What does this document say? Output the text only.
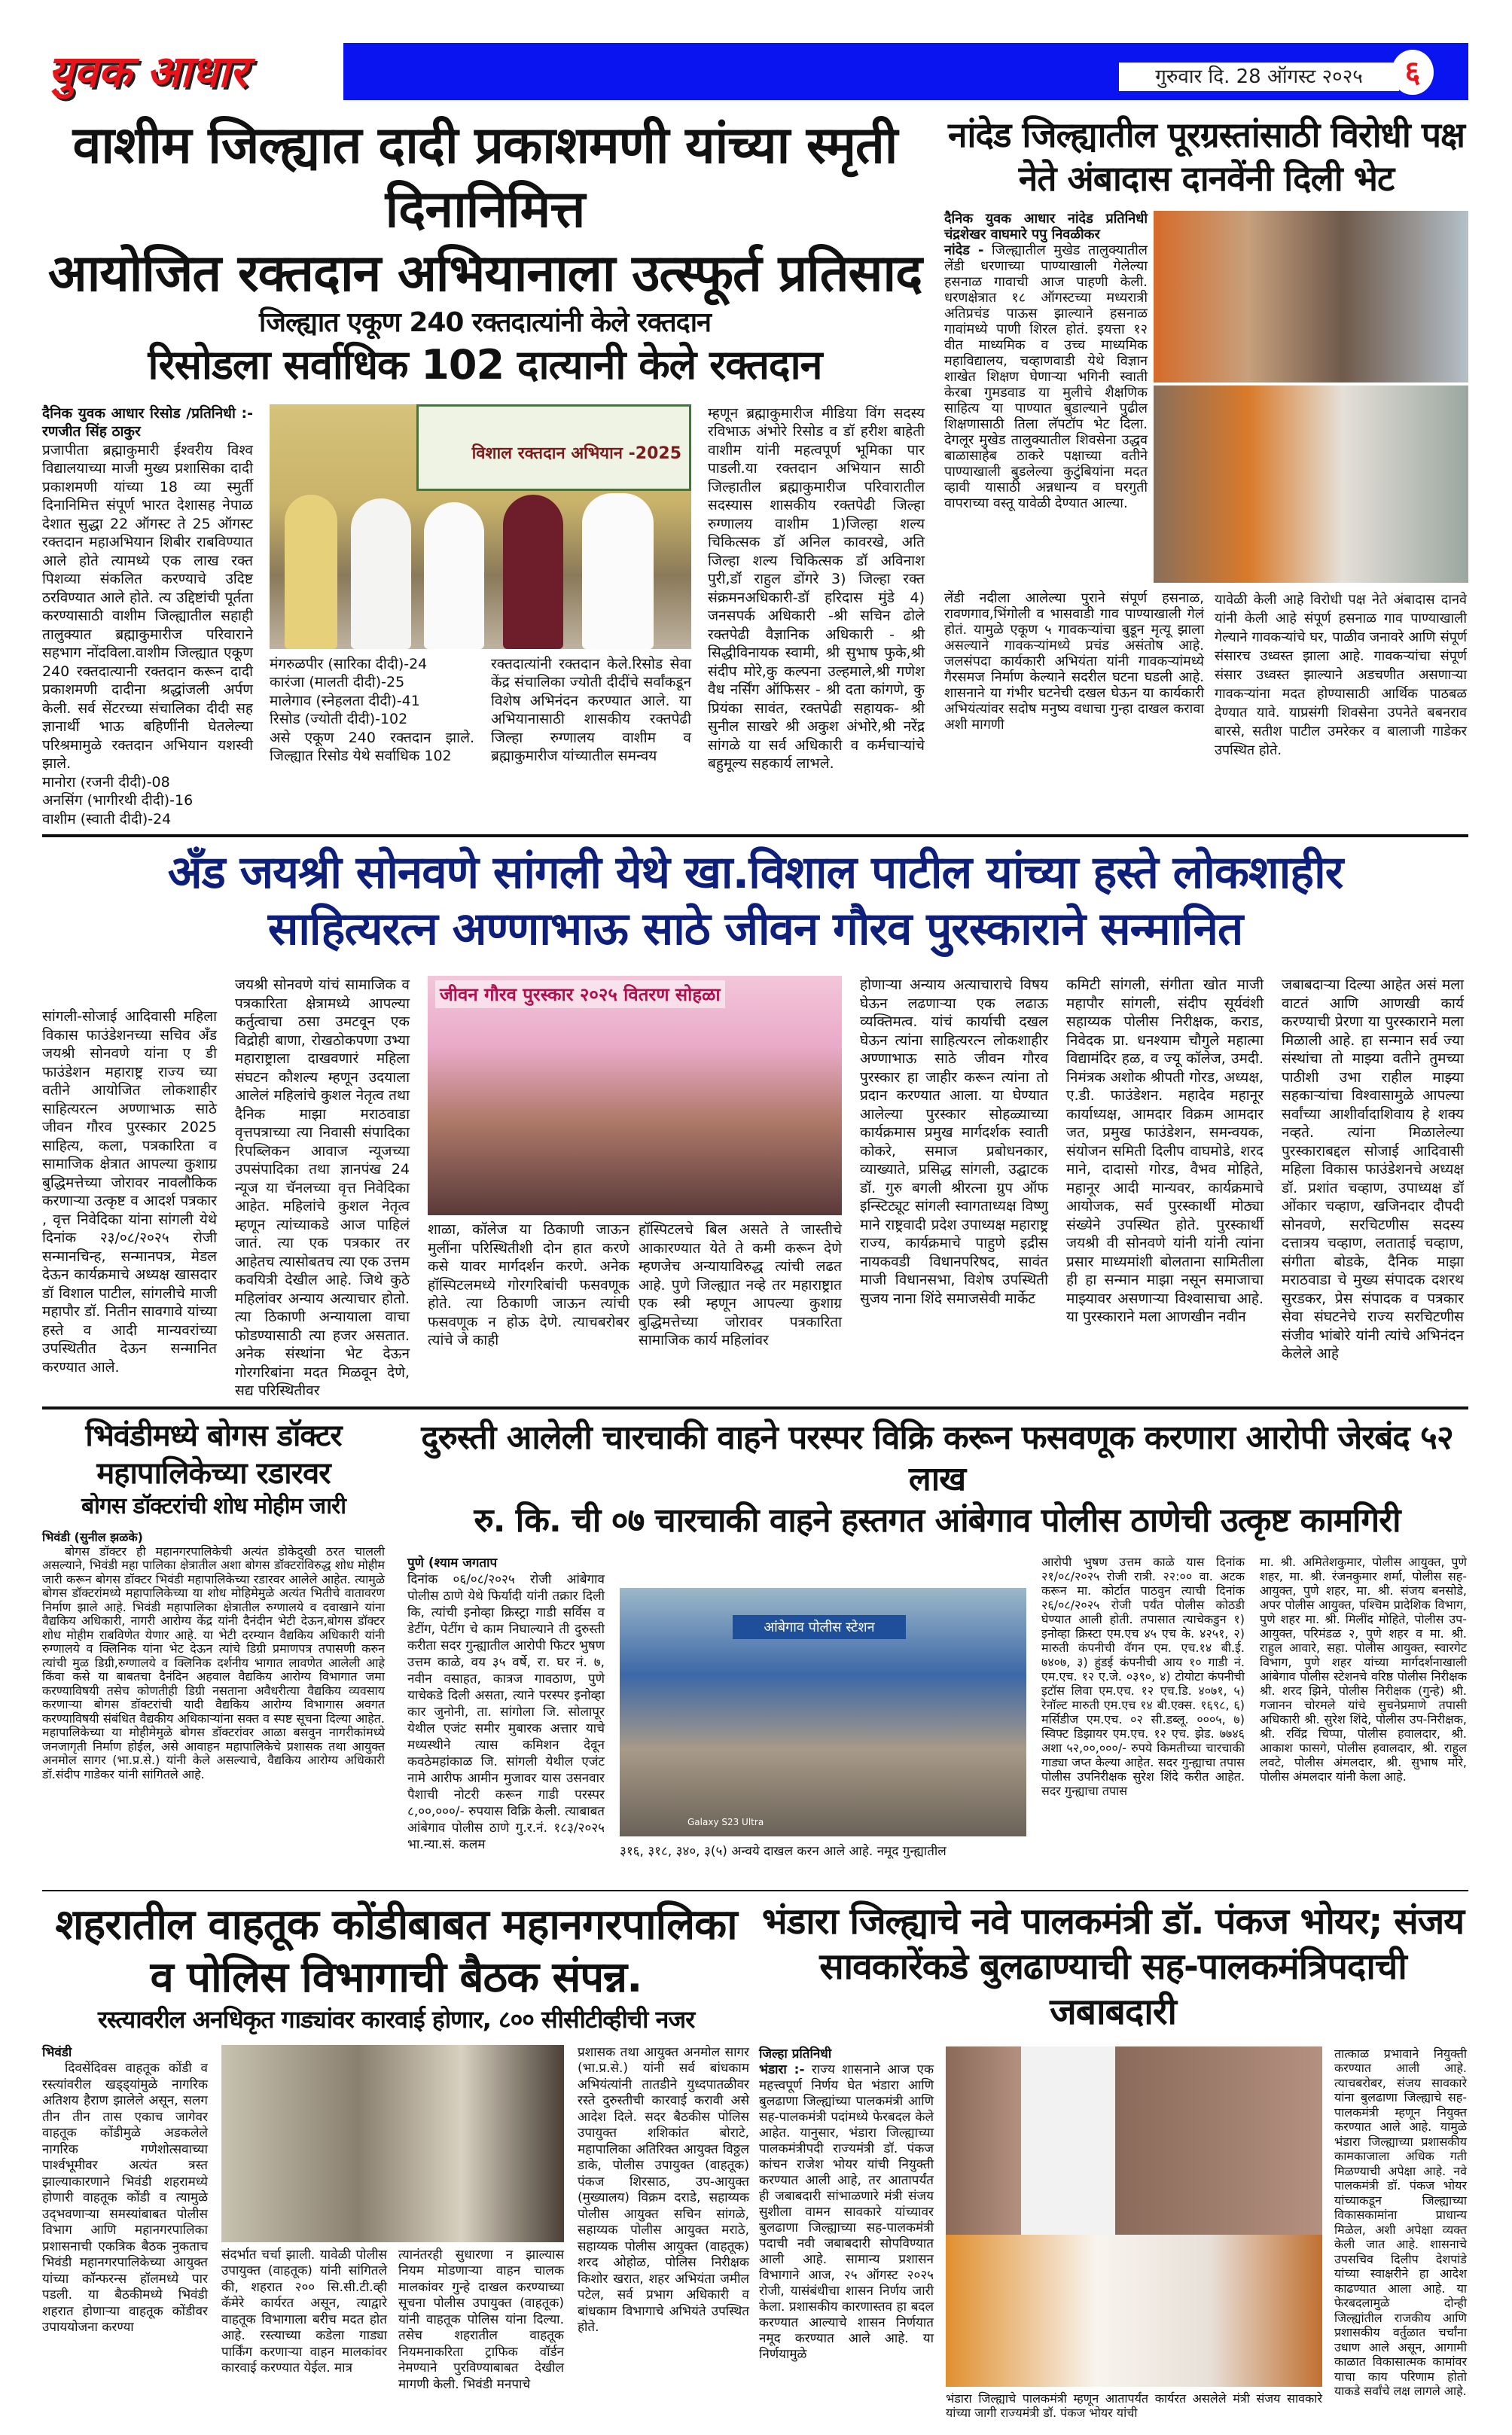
युवक आधार	गुरुवार दि. 28 ऑगस्ट २०२५	६
वाशीम जिल्ह्यात दादी प्रकाशमणी यांच्या स्मृती दिनानिमित्त
आयोजित रक्तदान अभियानाला उत्स्फूर्त प्रतिसाद
जिल्ह्यात एकूण 240 रक्तदात्यांनी केले रक्तदान
रिसोडला सर्वाधिक 102 दात्यानी केले रक्तदान
दैनिक युवक आधार रिसोड /प्रतिनिधी :- रणजीत सिंह ठाकुर
प्रजापीता ब्रह्माकुमारी ईश्वरीय विश्व विद्यालयाच्या माजी मुख्य प्रशासिका दादी प्रकाशमणी यांच्या 18 व्या स्मुर्ती दिनानिमित्त संपूर्ण भारत देशासह नेपाळ देशात सुद्धा 22 ऑगस्ट ते 25 ऑगस्ट रक्तदान महाअभियान शिबीर राबविण्यात आले होते त्यामध्ये एक लाख रक्त पिशव्या संकलित करण्याचे उदिष्ट ठरविण्यात आले होते. त्य उद्दिष्टांची पूर्तता करण्यासाठी वाशीम जिल्ह्यातील सहाही तालुक्यात ब्रह्माकुमारीज परिवाराने सहभाग नोंदविला.वाशीम जिल्ह्यात एकूण 240 रक्तदात्यानी रक्तदान करून दादी प्रकाशमणी दादीना श्रद्धांजली अर्पण केली. सर्व सेंटरच्या संचालिका दीदी सह ज्ञानार्थी भाऊ बहिणींनी घेतलेल्या परिश्रमामुळे रक्तदान अभियान यशस्वी झाले.
मानोरा (रजनी दीदी)-08
अनसिंग (भागीरथी दीदी)-16
वाशीम (स्वाती दीदी)-24
विशाल रक्तदान अभियान -2025
मंगरुळपीर (सारिका दीदी)-24
कारंजा (मालती दीदी)-25
मालेगाव (स्नेहलता दीदी)-41
रिसोड (ज्योती दीदी)-102
असे एकूण 240 रक्तदान झाले. जिल्ह्यात रिसोड येथे सर्वाधिक 102
रक्तदात्यांनी रक्तदान केले.रिसोड सेवा केंद्र संचालिका ज्योती दीदींचे सर्वांकडून विशेष अभिनंदन करण्यात आले. या अभियानासाठी शासकीय रक्तपेढी जिल्हा रुग्णालय वाशीम व ब्रह्माकुमारीज यांच्यातील समन्वय
म्हणून ब्रह्माकुमारीज मीडिया विंग सदस्य रविभाऊ अंभोरे रिसोड व डॉ हरीश बाहेती वाशीम यांनी महत्वपूर्ण भूमिका पार पाडली.या रक्तदान अभियान साठी जिल्हातील ब्रह्माकुमारीज परिवारातील सदस्यास शासकीय रक्तपेढी जिल्हा रुग्णालय वाशीम 1)जिल्हा शल्य चिकित्सक डॉ अनिल कावरखे, अति जिल्हा शल्य चिकित्सक डॉ अविनाश पुरी,डॉ राहुल डोंगरे 3) जिल्हा रक्त संक्रमनअधिकारी-डॉ हरिदास मुंडे 4) जनसपर्क अधिकारी -श्री सचिन ढोले रक्तपेढी वैज्ञानिक अधिकारी - श्री सिद्धीविनायक स्वामी, श्री सुभाष फुके,श्री संदीप मोरे,कु कल्पना उल्हमाले,श्री गणेश वैध नर्सिंग ऑफिसर - श्री दता कांगणे, कु प्रियंका सावंत, रक्तपेढी सहायक- श्री सुनील साखरे श्री अकुश अंभोरे,श्री नरेंद्र सांगळे या सर्व अधिकारी व कर्मचाऱ्यांचे बहुमूल्य सहकार्य लाभले.
नांदेड जिल्ह्यातील पूरग्रस्तांसाठी विरोधी पक्ष
नेते अंबादास दानवेंनी दिली भेट
दैनिक युवक आधार नांदेड प्रतिनिधी चंद्रशेखर वाघमारे पपु निवळीकर
नांदेड - जिल्ह्यातील मुखेड तालुक्यातील लेंडी धरणाच्या पाण्याखाली गेलेल्या हसनाळ गावाची आज पाहणी केली. धरणक्षेत्रात १८ ऑगस्टच्या मध्यरात्री अतिप्रचंड पाऊस झाल्याने हसनाळ गावांमध्ये पाणी शिरल होतं. इयत्ता १२ वीत माध्यमिक व उच्च माध्यमिक महाविद्यालय, चव्हाणवाडी येथे विज्ञान शाखेत शिक्षण घेणाऱ्या भगिनी स्वाती केरबा गुमडवाड या मुलीचे शैक्षणिक साहित्य या पाण्यात बुडाल्याने पुढील शिक्षणासाठी तिला लॅपटॉप भेट दिला. देगलूर मुखेड तालुक्यातील शिवसेना उद्धव बाळासाहेब ठाकरे पक्षाच्या वतीने पाण्याखाली बुडलेल्या कुटुंबियांना मदत व्हावी यासाठी अन्नधान्य व घरगुती वापराच्या वस्तू यावेळी देण्यात आल्या.
लेंडी नदीला आलेल्या पुराने संपूर्ण हसनाळ, रावणगाव,भिंगोली व भासवाडी गाव पाण्याखाली गेलं होतं. यामुळे एकूण ५ गावकऱ्यांचा बुडून मृत्यू झाला असल्याने गावकऱ्यांमध्ये प्रचंड असंतोष आहे. जलसंपदा कार्यकारी अभियंता यांनी गावकऱ्यांमध्ये गैरसमज निर्माण केल्याने सदरील घटना घडली आहे. शासनाने या गंभीर घटनेची दखल घेऊन या कार्यकारी अभियंत्यांवर सदोष मनुष्य वधाचा गुन्हा दाखल करावा अशी मागणी
यावेळी केली आहे विरोधी पक्ष नेते अंबादास दानवे यांनी केली आहे संपूर्ण हसनाळ गाव पाण्याखाली गेल्याने गावकऱ्यांचे घर, पाळीव जनावरे आणि संपूर्ण संसारच उध्वस्त झाला आहे. गावकऱ्यांचा संपूर्ण संसार उध्वस्त झाल्याने अडचणीत असणाऱ्या गावकऱ्यांना मदत होण्यासाठी आर्थिक पाठबळ देण्यात यावे. याप्रसंगी शिवसेना उपनेते बबनराव बारसे, सतीश पाटील उमरेकर व बालाजी गाडेकर उपस्थित होते.
अँड जयश्री सोनवणे सांगली येथे खा.विशाल पाटील यांच्या हस्ते लोकशाहीर
साहित्यरत्न अण्णाभाऊ साठे जीवन गौरव पुरस्काराने सन्मानित
सांगली-सोजाई आदिवासी महिला विकास फाउंडेशनच्या सचिव अँड जयश्री सोनवणे यांना ए डी फाउंडेशन महाराष्ट्र राज्य च्या वतीने आयोजित लोकशाहीर साहित्यरत्न अण्णाभाऊ साठे जीवन गौरव पुरस्कार 2025 साहित्य, कला, पत्रकारिता व सामाजिक क्षेत्रात आपल्या कुशाग्र बुद्धिमत्तेच्या जोरावर नावलौकिक करणाऱ्या उत्कृष्ट व आदर्श पत्रकार , वृत्त निवेदिका यांना सांगली येथे दिनांक २३/०८/२०२५ रोजी सन्मानचिन्ह, सन्मानपत्र, मेडल देऊन कार्यक्रमाचे अध्यक्ष खासदार डॉ विशाल पाटील, सांगलीचे माजी महापौर डॉ. नितीन सावगावे यांच्या हस्ते व आदी मान्यवरांच्या उपस्थितीत देऊन सन्मानित करण्यात आले.
जयश्री सोनवणे यांचं सामाजिक व पत्रकारिता क्षेत्रामध्ये आपल्या कर्तुत्वाचा ठसा उमटवून एक विद्रोही बाणा, रोखठोकपणा उभ्या महाराष्ट्राला दाखवणारं महिला संघटन कौशल्य म्हणून उदयाला आलेलं महिलांचे कुशल नेतृत्व तथा दैनिक माझा मराठवाडा वृत्तपत्राच्या त्या निवासी संपादिका रिपब्लिकन आवाज न्यूजच्या उपसंपादिका तथा ज्ञानपंख 24 न्यूज या चॅनलच्या वृत्त निवेदिका आहेत. महिलांचे कुशल नेतृत्व म्हणून त्यांच्याकडे आज पाहिलं जातं. त्या एक पत्रकार तर आहेतच त्यासोबतच त्या एक उत्तम कवयित्री देखील आहे. जिथे कुठे महिलांवर अन्याय अत्याचार होतो. त्या ठिकाणी अन्यायाला वाचा फोडण्यासाठी त्या हजर असतात. अनेक संस्थांना भेट देऊन गोरगरिबांना मदत मिळवून देणे, सद्य परिस्थितीवर
जीवन गौरव पुरस्कार २०२५ वितरण सोहळा
शाळा, कॉलेज या ठिकाणी जाऊन मुलींना परिस्थितीशी दोन हात करणे कसे यावर मार्गदर्शन करणे. अनेक हॉस्पिटलमध्ये गोरगरिबांची फसवणूक होते. त्या ठिकाणी जाऊन त्यांची फसवणूक न होऊ देणे. त्याचबरोबर त्यांचे जे काही
हॉस्पिटलचे बिल असते ते जास्तीचे आकारण्यात येते ते कमी करून देणे म्हणजेच अन्यायाविरुद्ध त्यांची लढत आहे. पुणे जिल्ह्यात नव्हे तर महाराष्ट्रात एक स्त्री म्हणून आपल्या कुशाग्र बुद्धिमत्तेच्या जोरावर पत्रकारिता सामाजिक कार्य महिलांवर
होणाऱ्या अन्याय अत्याचाराचे विषय घेऊन लढणाऱ्या एक लढाऊ व्यक्तिमत्व. यांचं कार्याची दखल घेऊन त्यांना साहित्यरत्न लोकशाहीर अण्णाभाऊ साठे जीवन गौरव पुरस्कार हा जाहीर करून त्यांना तो प्रदान करण्यात आला. या घेण्यात आलेल्या पुरस्कार सोहळ्याच्या कार्यक्रमास प्रमुख मार्गदर्शक स्वाती कोकरे, समाज प्रबोधनकार, व्याख्याते, प्रसिद्ध सांगली, उद्घाटक डॉ. गुरु बगली श्रीरत्ना ग्रुप ऑफ इन्स्टिट्यूट सांगली स्वागताध्यक्ष विष्णु माने राष्ट्रवादी प्रदेश उपाध्यक्ष महाराष्ट्र राज्य, कार्यक्रमाचे पाहुणे इद्रीस नायकवडी विधानपरिषद, सावंत माजी विधानसभा, विशेष उपस्थिती सुजय नाना शिंदे समाजसेवी मार्केट
कमिटी सांगली, संगीता खोत माजी महापौर सांगली, संदीप सूर्यवंशी सहाय्यक पोलीस निरीक्षक, कराड, निवेदक प्रा. धनश्याम चौगुले महात्मा विद्यामंदिर हळ, व ज्यू कॉलेज, उमदी. निमंत्रक अशोक श्रीपती गोरड, अध्यक्ष, ए.डी. फाउंडेशन. महादेव महानूर कार्याध्यक्ष, आमदार विक्रम आमदार जत, प्रमुख फाउंडेशन, समन्वयक, संयोजन समिती दिलीप वाघमोडे, शरद माने, दादासो गोरड, वैभव मोहिते, महानूर आदी मान्यवर, कार्यक्रमाचे आयोजक, सर्व पुरस्कार्थी मोठ्या संख्येने उपस्थित होते. पुरस्कार्थी जयश्री वी सोनवणे यांनी यांनी त्यांना प्रसार माध्यमांशी बोलताना सामितीला ही हा सन्मान माझा नसून समाजाचा माझ्यावर असणाऱ्या विश्वासाचा आहे. या पुरस्काराने मला आणखीन नवीन
जबाबदाऱ्या दिल्या आहेत असं मला वाटतं आणि आणखी कार्य करण्याची प्रेरणा या पुरस्काराने मला मिळाली आहे. हा सन्मान सर्व ज्या संस्थांचा तो माझ्या वतीने तुमच्या पाठीशी उभा राहील माझ्या सहकाऱ्यांचा विश्वासामुळे आपल्या सर्वांच्या आशीर्वादाशिवाय हे शक्य नव्हते. त्यांना मिळालेल्या पुरस्काराबद्दल सोजाई आदिवासी महिला विकास फाउंडेशनचे अध्यक्ष डॉ. प्रशांत चव्हाण, उपाध्यक्ष डॉ ओंकार चव्हाण, खजिनदार दौपदी सोनवणे, सरचिटणीस सदस्य दत्तात्रय चव्हाण, लताताई चव्हाण, संगीता बोडके, दैनिक माझा मराठवाडा चे मुख्य संपादक दशरथ सुरडकर, प्रेस संपादक व पत्रकार सेवा संघटनेचे राज्य सरचिटणीस संजीव भांबोरे यांनी त्यांचे अभिनंदन केलेले आहे
भिवंडीमध्ये बोगस डॉक्टर
महापालिकेच्या रडारवर
बोगस डॉक्टरांची शोध मोहीम जारी
भिवंडी (सुनील झळके)
बोगस डॉक्टर ही महानगरपालिकेची अत्यंत डोकेदुखी ठरत चालली असल्याने, भिवंडी महा पालिका क्षेत्रातील अशा बोगस डॉक्टरांविरुद्ध शोध मोहीम जारी करून बोगस डॉक्टर भिवंडी महापालिकेच्या रडारवर आलेले आहेत. त्यामुळे बोगस डॉक्टरांमध्ये महापालिकेच्या या शोध मोहिमेमुळे अत्यंत भितीचे वातावरण निर्माण झाले आहे. भिवंडी महापालिका क्षेत्रातील रुग्णालये व दवाखाने यांना वैद्यकिय अधिकारी, नागरी आरोग्य केंद्र यांनी दैनंदीन भेटी देऊन,बोगस डॉक्टर शोध मोहीम राबविणेत येणार आहे. या भेटी दरम्यान वैद्यकिय अधिकारी यांनी रुग्णालये व क्लिनिक यांना भेट देऊन त्यांचे डिग्री प्रमाणपत्र तपासणी करुन त्यांची मुळ डिग्री,रुग्णालये व क्लिनिक दर्शनीय भागात लावणेत आलेली आहे किंवा कसे या बाबतचा दैनंदिन अहवाल वैद्यकिय आरोग्य विभागात जमा करण्याविषयी तसेच कोणतीही डिग्री नसताना अवैधरीत्या वैद्यकिय व्यवसाय करणाऱ्या बोगस डॉक्टरांची यादी वैद्यकिय आरोग्य विभागास अवगत करण्याविषयी संबंधित वैद्यकीय अधिकाऱ्यांना सक्त व स्पष्ट सूचना दिल्या आहेत. महापालिकेच्या या मोहीमेमुळे बोगस डॉक्टरांवर आळा बसवुन नागरीकांमध्ये जनजागृती निर्माण होईल, असे आवाहन महापालिकेचे प्रशासक तथा आयुक्त अनमोल सागर (भा.प्र.से.) यांनी केले असल्याचे, वैद्यकिय आरोग्य अधिकारी डॉ.संदीप गाडेकर यांनी सांगितले आहे.
दुरुस्ती आलेली चारचाकी वाहने परस्पर विक्रि करून फसवणूक करणारा आरोपी जेरबंद ५२ लाख
रु. कि. ची ०७ चारचाकी वाहने हस्तगत आंबेगाव पोलीस ठाणेची उत्कृष्ट कामगिरी
पुणे (श्याम जगताप
दिनांक ०६/०८/२०२५ रोजी आंबेगाव पोलीस ठाणे येथे फिर्यादी यांनी तक्रार दिली कि, त्यांची इनोव्हा क्रिस्ट्रा गाडी सर्विस व डेटींग, पेटींग चे काम निघाल्याने ती दुरुस्ती करीता सदर गुन्ह्यातील आरोपी फिटर भुषण उत्तम काळे, वय ३५ वर्षे, रा. घर नं. ७, नवीन वसाहत, कात्रज गावठाण, पुणे याचेकडे दिली असता, त्याने परस्पर इनोव्हा कार जुनोनी, ता. सांगोला जि. सोलापूर येथील एजंट समीर मुबारक अत्तार याचे मध्यस्थीने त्यास कमिशन देवून कवठेमहांकाळ जि. सांगली येथील एजंट नामे आरीफ आमीन मुजावर यास उसनवार पैशाची नोटरी करून गाडी परस्पर ८,००,०००/- रुपयास विक्रि केली. त्याबाबत आंबेगाव पोलीस ठाणे गु.र.नं. १८३/२०२५ भा.न्या.सं. कलम
आंबेगाव पोलीस स्टेशन
Galaxy S23 Ultra
३१६, ३१८, ३४०, ३(५) अन्वये दाखल करन आले आहे. नमूद गुन्ह्यातील
आरोपी भुषण उत्तम काळे यास दिनांक २१/०८/२०२५ रोजी रात्री. २२:०० वा. अटक करून मा. कोर्टात पाठवुन त्याची दिनांक २६/०८/२०२५ रोजी पर्यंत पोलीस कोठडी घेण्यात आली होती. तपासात त्याचेकडुन १) इनोव्हा क्रिस्टा एम.एच ४५ एच के. ४२५१, २) मारुती कंपनीची वॅगन एम. एच.१४ बी.ई. ७४०७, ३) हुंडई कंपनीची आय १० गाडी नं. एम.एच. १२ ए.जे. ०३९०, ४) टोयोटा कंपनीची इटॉस लिवा एम.एच. १२ एच.डि. ४०७१, ५) रेनॉल्ट मारुती एम.एच १४ बी.एक्स. १६९८, ६) मर्सिडीज एम.एच. ०२ सी.डब्लू. ०००५, ७) स्विफ्ट डिझायर एम.एच. १२ एच. झेड. ७७४६ अशा ५२,००,०००/- रुपये किमतीच्या चारचाकी गाड्या जप्त केल्या आहेत. सदर गुन्ह्याचा तपास पोलीस उपनिरीक्षक सुरेश शिंदे करीत आहेत. सदर गुन्ह्याचा तपास
मा. श्री. अमितेशकुमार, पोलीस आयुक्त, पुणे शहर, मा. श्री. रंजनकुमार शर्मा, पोलीस सह-आयुक्त, पुणे शहर, मा. श्री. संजय बनसोडे, अपर पोलीस आयुक्त, पश्चिम प्रादेशिक विभाग, पुणे शहर मा. श्री. मिलींद मोहिते, पोलीस उप-आयुक्त, परिमंडळ २, पुणे शहर व मा. श्री. राहुल आवारे, सहा. पोलीस आयुक्त, स्वारगेट विभाग, पुणे शहर यांच्या मार्गदर्शनाखाली आंबेगाव पोलीस स्टेशनचे वरिष्ठ पोलीस निरीक्षक श्री. शरद झिने, पोलीस निरीक्षक (गुन्हे) श्री. गजानन चोरमले यांचे सुचनेप्रमाणे तपासी अधिकारी श्री. सुरेश शिंदे, पोलीस उप-निरीक्षक, श्री. रविंद्र चिप्पा, पोलीस हवालदार, श्री. आकाश फासगे, पोलीस हवालदार, श्री. राहुल लवटे, पोलीस अंमलदार, श्री. सुभाष मोरे, पोलीस अंमलदार यांनी केला आहे.
शहरातील वाहतूक कोंडीबाबत महानगरपालिका
व पोलिस विभागाची बैठक संपन्न.
रस्त्यावरील अनधिकृत गाड्यांवर कारवाई होणार, ८०० सीसीटीव्हीची नजर
भिवंडी
दिवसेंदिवस वाहतूक कोंडी व रस्त्यांवरील खड्ड्यांमुळे नागरिक अतिशय हैराण झालेले असून, सलग तीन तीन तास एकाच जागेवर वाहतूक कोंडीमुळे अडकलेले नागरिक गणेशोत्सवाच्या पार्श्वभूमीवर अत्यंत त्रस्त झाल्याकारणाने भिवंडी शहरामध्ये होणारी वाहतूक कोंडी व त्यामुळे उद्‌भवणाऱ्या समस्यांबाबत पोलीस विभाग आणि महानगरपालिका प्रशासनाची एकत्रिक बैठक नुकताच भिवंडी महानगरपालिकेच्या आयुक्त यांच्या कॉन्फरन्स हॉलमध्ये पार पडली. या बैठकीमध्ये भिवंडी शहरात होणाऱ्या वाहतूक कोंडीवर उपाययोजना करण्या
संदर्भात चर्चा झाली. यावेळी पोलीस उपायुक्त (वाहतूक) यांनी सांगितले की, शहरात २०० सि.सी.टी.व्ही कॅमेरे कार्यरत असून, त्याद्वारे वाहतूक विभागाला बरीच मदत होत आहे. रस्त्याच्या कडेला गाड्या पार्किंग करणाऱ्या वाहन मालकांवर कारवाई करण्यात येईल. मात्र
त्यानंतरही सुधारणा न झाल्यास नियम मोडणाऱ्या वाहन चालक मालकांवर गुन्हे दाखल करण्याच्या सूचना पोलीस उपायुक्त (वाहतूक) यांनी वाहतूक पोलिस यांना दिल्या. तसेच शहरातील वाहतूक नियमनाकरिता ट्राफिक वॉर्डन नेमण्याने पुरविण्याबाबत देखील मागणी केली. भिवंडी मनपाचे
प्रशासक तथा आयुक्त अनमोल सागर (भा.प्र.से.) यांनी सर्व बांधकाम अभियंत्यांनी तातडीने युध्दपातळीवर रस्ते दुरुस्तीची कारवाई करावी असे आदेश दिले. सदर बैठकीस पोलिस उपायुक्त शशिकांत बोराटे, महापालिका अतिरिक्त आयुक्त विठ्ठल डाके, पोलीस उपायुक्त (वाहतूक) पंकज शिरसाठ, उप-आयुक्त (मुख्यालय) विक्रम दराडे, सहाय्यक पोलीस आयुक्त सचिन सांगळे, सहाय्यक पोलीस आयुक्त मराठे, सहाय्यक पोलीस आयुक्त (वाहतूक) शरद ओहोळ, पोलिस निरीक्षक किशोर खरात, शहर अभियंता जमील पटेल, सर्व प्रभाग अधिकारी व बांधकाम विभागाचे अभियंते उपस्थित होते.
भंडारा जिल्ह्याचे नवे पालकमंत्री डॉ. पंकज भोयर; संजय
सावकारेंकडे बुलढाण्याची सह-पालकमंत्रिपदाची जबाबदारी
जिल्हा प्रतिनिधी
भंडारा :- राज्य शासनाने आज एक महत्त्वपूर्ण निर्णय घेत भंडारा आणि बुलढाणा जिल्ह्यांच्या पालकमंत्री आणि सह-पालकमंत्री पदांमध्ये फेरबदल केले आहेत. यानुसार, भंडारा जिल्ह्याच्या पालकमंत्रीपदी राज्यमंत्री डॉ. पंकज कांचन राजेश भोयर यांची नियुक्ती करण्यात आली आहे, तर आतापर्यंत ही जबाबदारी सांभाळणारे मंत्री संजय सुशीला वामन सावकारे यांच्यावर बुलढाणा जिल्ह्याच्या सह-पालकमंत्री पदाची नवी जबाबदारी सोपविण्यात आली आहे. सामान्य प्रशासन विभागाने आज, २५ ऑगस्ट २०२५ रोजी, यासंबंधीचा शासन निर्णय जारी केला. प्रशासकीय कारणास्तव हा बदल करण्यात आल्याचे शासन निर्णयात नमूद करण्यात आले आहे. या निर्णयामुळे
भंडारा जिल्ह्याचे पालकमंत्री म्हणून आतापर्यंत कार्यरत असलेले मंत्री संजय सावकारे यांच्या जागी राज्यमंत्री डॉ. पंकज भोयर यांची
तात्काळ प्रभावाने नियुक्ती करण्यात आली आहे. त्याचबरोबर, संजय सावकारे यांना बुलढाणा जिल्ह्याचे सह-पालकमंत्री म्हणून नियुक्त करण्यात आले आहे. यामुळे भंडारा जिल्ह्याच्या प्रशासकीय कामकाजाला अधिक गती मिळण्याची अपेक्षा आहे. नवे पालकमंत्री डॉ. पंकज भोयर यांच्याकडून जिल्ह्याच्या विकासकामांना प्राधान्य मिळेल, अशी अपेक्षा व्यक्त केली जात आहे. शासनाचे उपसचिव दिलीप देशपांडे यांच्या स्वाक्षरीने हा आदेश काढण्यात आला आहे. या फेरबदलामुळे दोन्ही जिल्ह्यांतील राजकीय आणि प्रशासकीय वर्तुळात चर्चांना उधाण आले असून, आगामी काळात विकासात्मक कामांवर याचा काय परिणाम होतो याकडे सर्वांचे लक्ष लागले आहे.
